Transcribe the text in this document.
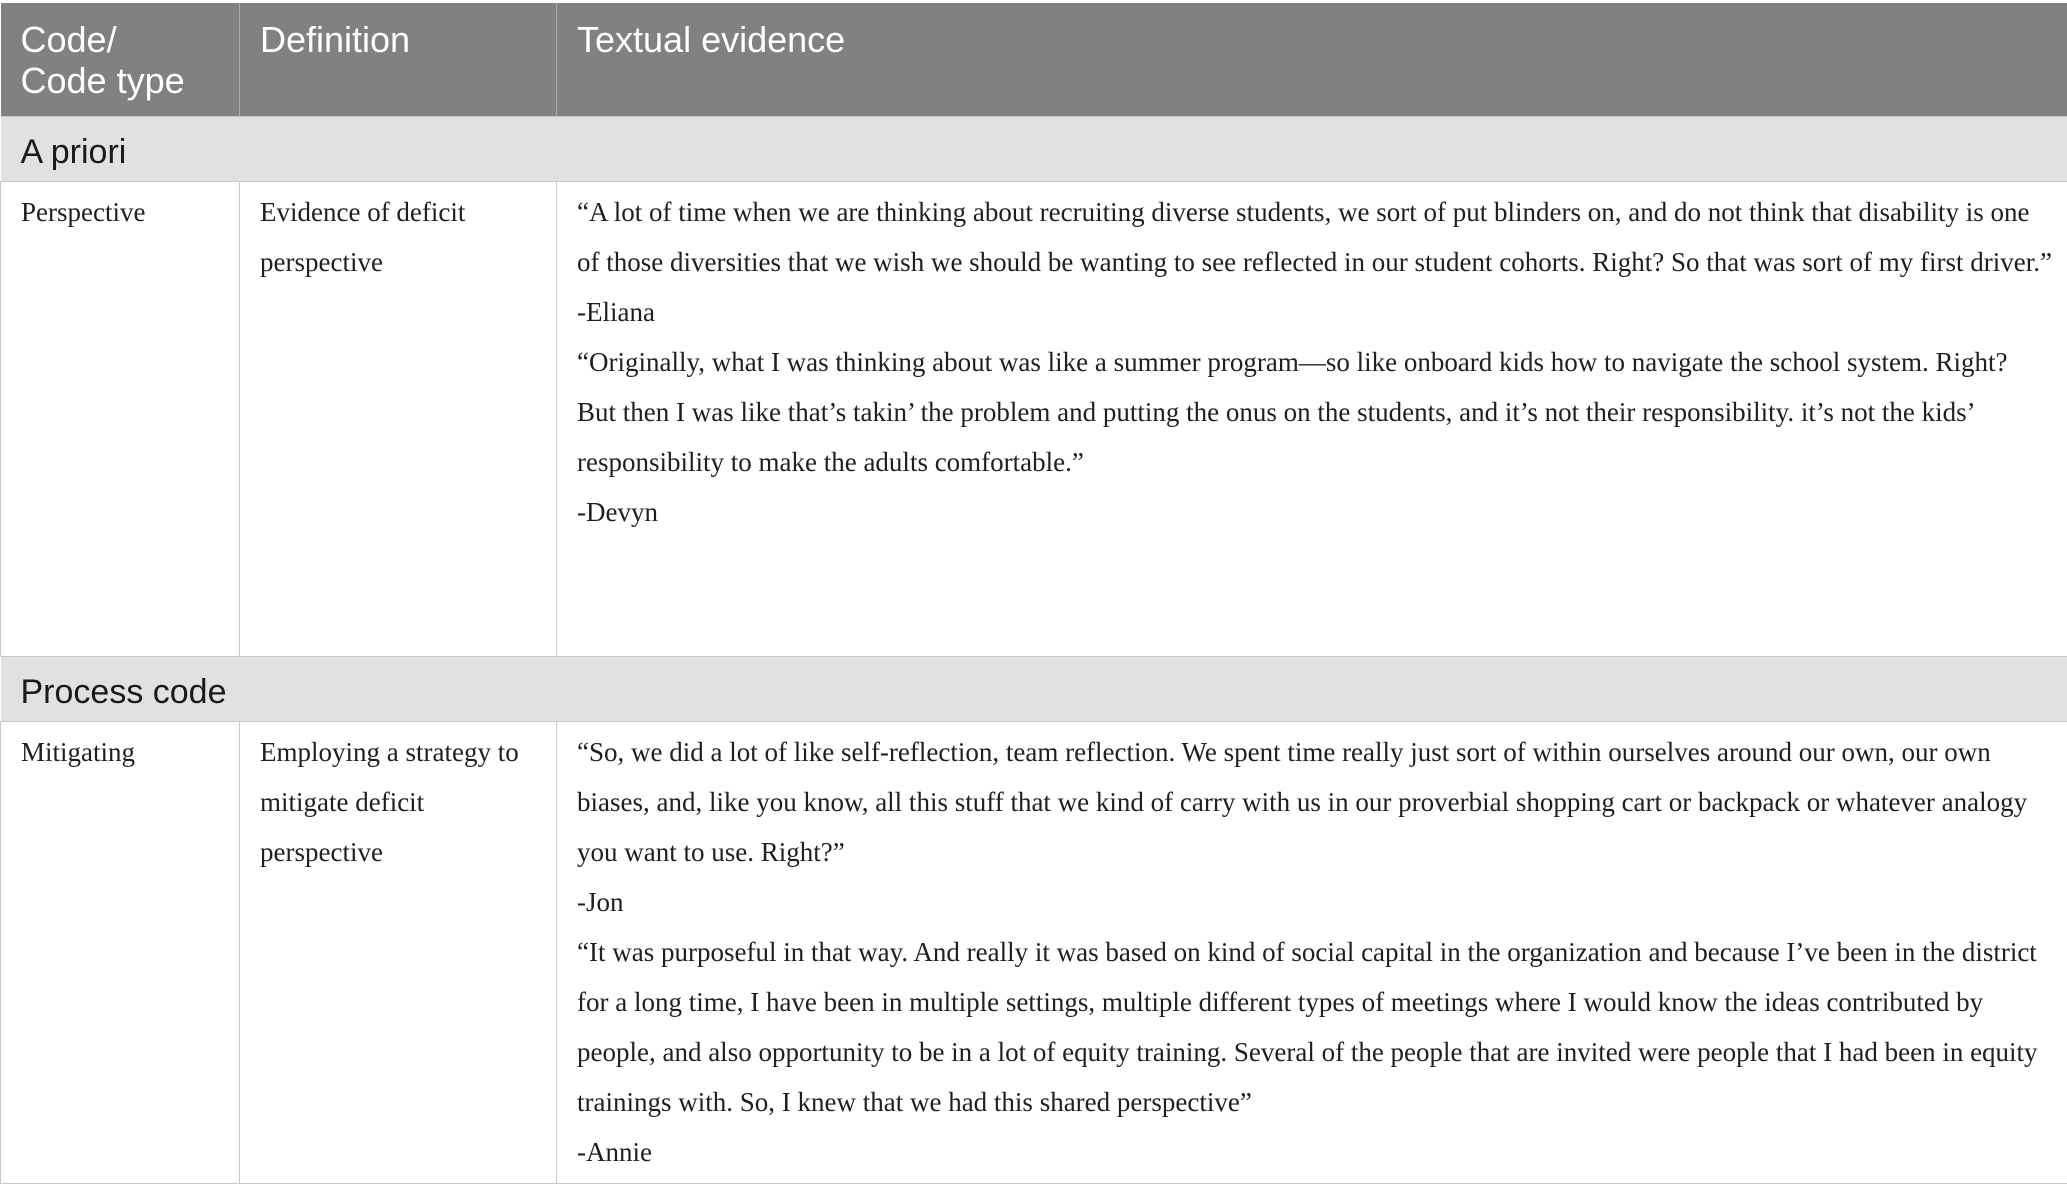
Code/
Code type	Definition	Textual evidence
A priori		
Perspective	Evidence of deficit perspective	“A lot of time when we are thinking about recruiting diverse students, we sort of put blinders on, and do not think that disability is one of those diversities that we wish we should be wanting to see reflected in our student cohorts. Right? So that was sort of my first driver.”
-Eliana
“Originally, what I was thinking about was like a summer program—so like onboard kids how to navigate the school system. Right? But then I was like that’s takin’ the problem and putting the onus on the students, and it’s not their responsibility. it’s not the kids’ responsibility to make the adults comfortable.”
-Devyn

Process code		
Mitigating	Employing a strategy to mitigate deficit perspective	“So, we did a lot of like self-reflection, team reflection. We spent time really just sort of within ourselves around our own, our own biases, and, like you know, all this stuff that we kind of carry with us in our proverbial shopping cart or backpack or whatever analogy you want to use. Right?”
-Jon
“It was purposeful in that way. And really it was based on kind of social capital in the organization and because I’ve been in the district for a long time, I have been in multiple settings, multiple different types of meetings where I would know the ideas contributed by people, and also opportunity to be in a lot of equity training. Several of the people that are invited were people that I had been in equity trainings with. So, I knew that we had this shared perspective”
-Annie
